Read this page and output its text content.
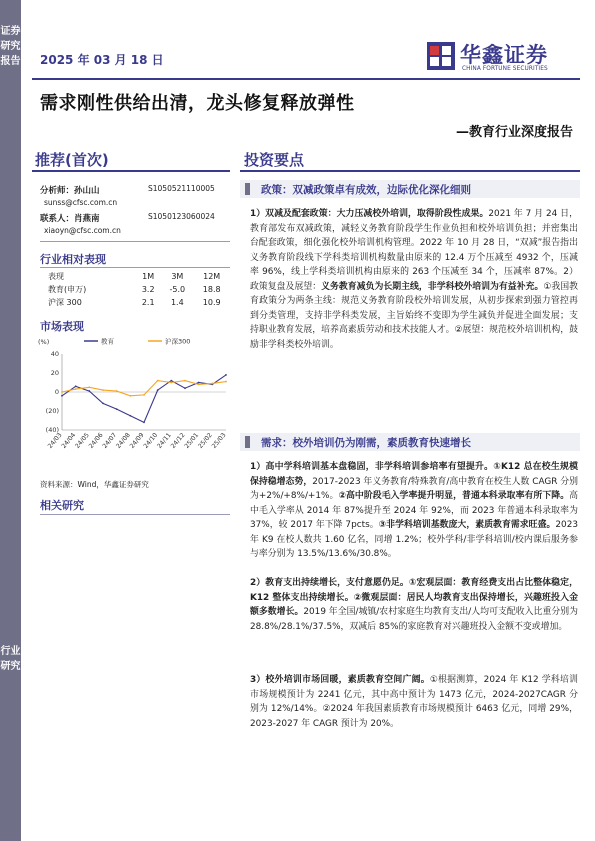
证券研究报告
行业研究
2025 年 03 月 18 日	华鑫证券
CHINA FORTUNE SECURITIES
需求刚性供给出清，龙头修复释放弹性
—教育行业深度报告
推荐(首次)
分析师：孙山山	S1050521110005
sunss@cfsc.com.cn
联系人：肖燕南	S1050123060024
xiaoyn@cfsc.com.cn
行业相对表现
表现	1M	3M	12M
教育(申万)	3.2	-5.0	18.8
沪深 300	2.1	1.4	10.9
市场表现
(%)	教育	沪深300
40
20
0
(20)
(40)
24/03
24/04
24/05
24/06
24/07
24/08
24/09
24/10
24/11
24/12
25/01
25/02
25/03
资料来源：Wind，华鑫证券研究
相关研究
投资要点
政策：双减政策卓有成效，边际优化深化细则
1）双减及配套政策：大力压减校外培训，取得阶段性成果。2021 年 7 月 24 日，教育部发布双减政策，减轻义务教育阶段学生作业负担和校外培训负担；并密集出台配套政策，细化强化校外培训机构管理。2022 年 10 月 28 日，“双减”报告指出义务教育阶段线下学科类培训机构数量由原来的 12.4 万个压减至 4932 个，压减率 96%，线上学科类培训机构由原来的 263 个压减至 34 个，压减率 87%。2）政策复盘及展望：义务教育减负为长期主线，非学科校外培训为有益补充。①我国教育政策分为两条主线：规范义务教育阶段校外培训发展，从初步探索到强力管控再到分类管理，支持非学科类发展，主旨始终不变即为学生减负并促进全面发展；支持职业教育发展，培养高素质劳动和技术技能人才。②展望：规范校外培训机构，鼓励非学科类校外培训。
需求：校外培训仍为刚需，素质教育快速增长
1）高中学科培训基本盘稳固，非学科培训参培率有望提升。①K12 总在校生规模保持稳增态势，2017-2023 年义务教育/特殊教育/高中教育在校生人数 CAGR 分别为+2%/+8%/+1%。②高中阶段毛入学率提升明显，普通本科录取率有所下降。高中毛入学率从 2014 年 87%提升至 2024 年 92%，而 2023 年普通本科录取率为 37%，较 2017 年下降 7pcts。③非学科培训基数庞大，素质教育需求旺盛。2023 年 K9 在校人数共 1.60 亿名，同增 1.2%；校外学科/非学科培训/校内课后服务参与率分别为 13.5%/13.6%/30.8%。
2）教育支出持续增长，支付意愿仍足。①宏观层面：教育经费支出占比整体稳定，K12 整体支出持续增长。②微观层面：居民人均教育支出保持增长，兴趣班投入金额多数增长。2019 年全国/城镇/农村家庭生均教育支出/人均可支配收入比重分别为 28.8%/28.1%/37.5%，双减后 85%的家庭教育对兴趣班投入金额不变或增加。
3）校外培训市场回暖，素质教育空间广阔。①根据测算，2024 年 K12 学科培训市场规模预计为 2241 亿元，其中高中预计为 1473 亿元，2024-2027CAGR 分别为 12%/14%。②2024 年我国素质教育市场规模预计 6463 亿元，同增 29%，2023-2027 年 CAGR 预计为 20%。
